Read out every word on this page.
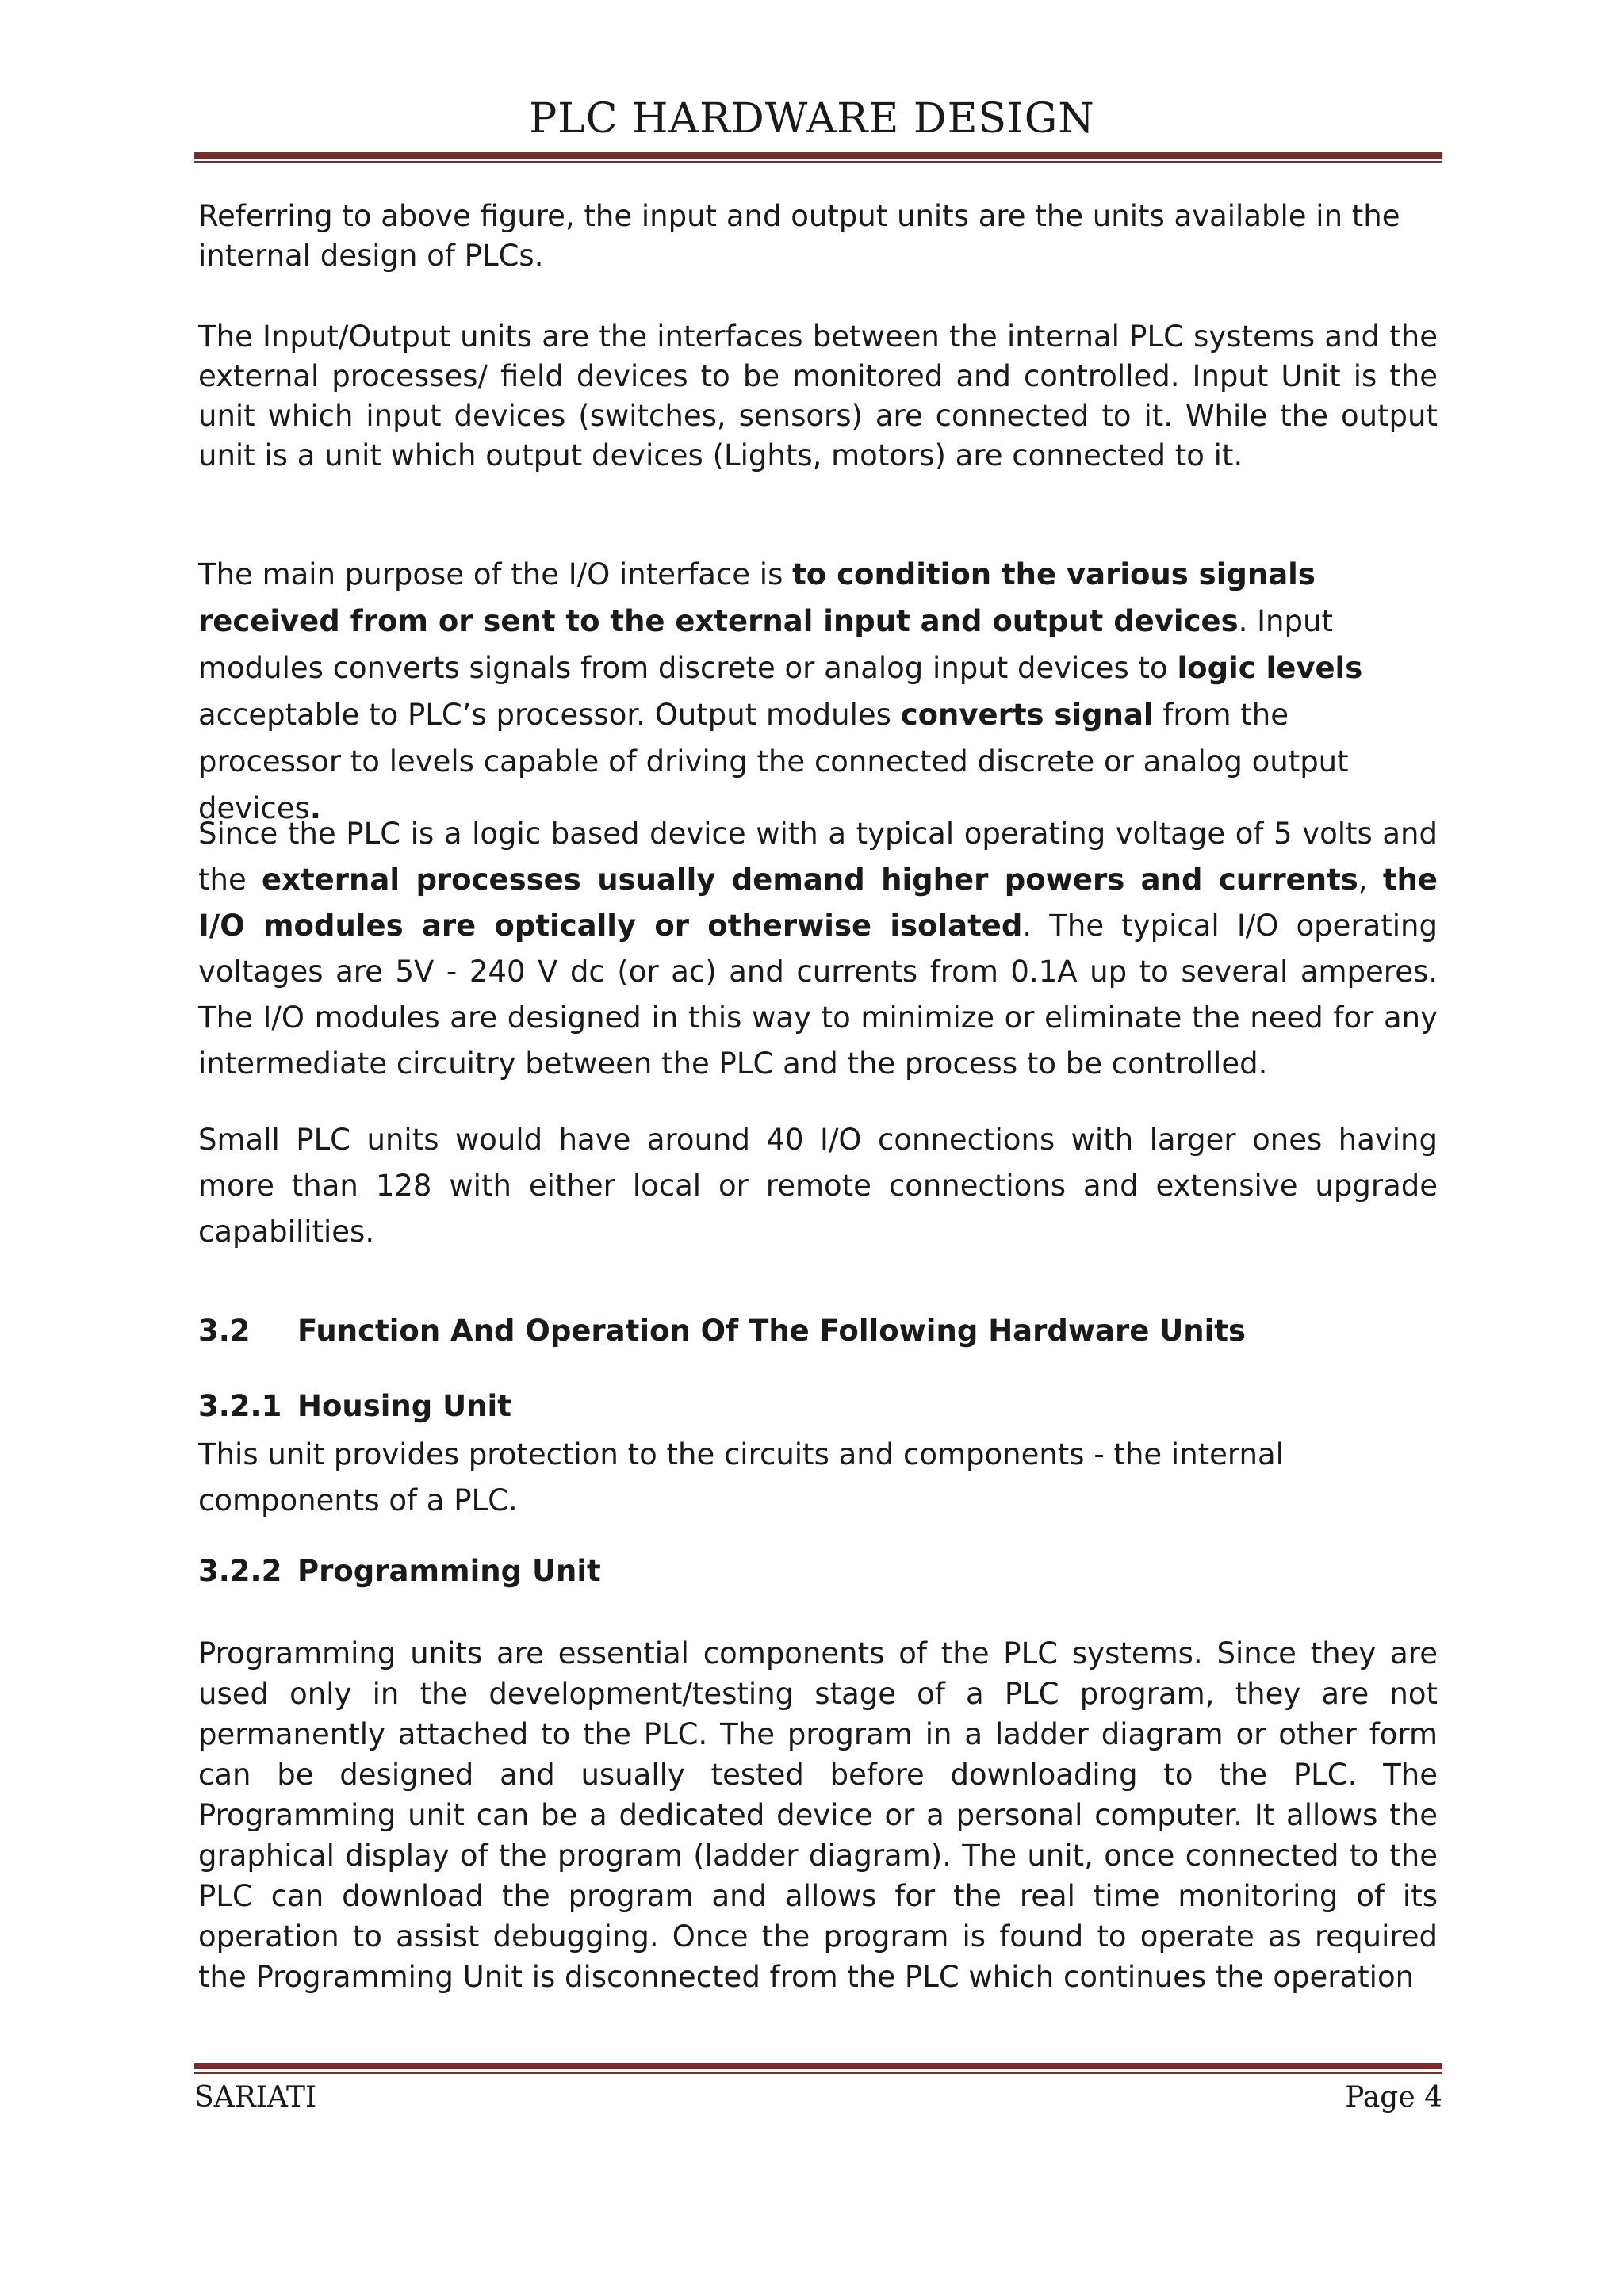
PLC HARDWARE DESIGN

Referring to above figure, the input and output units are the units available in the internal design of PLCs.

The Input/Output units are the interfaces between the internal PLC systems and the external processes/ field devices to be monitored and controlled. Input Unit is the unit which input devices (switches, sensors) are connected to it. While the output unit is a unit which output devices (Lights, motors) are connected to it.

The main purpose of the I/O interface is to condition the various signals received from or sent to the external input and output devices. Input modules converts signals from discrete or analog input devices to logic levels acceptable to PLC’s processor. Output modules converts signal from the processor to levels capable of driving the connected discrete or analog output devices.

Since the PLC is a logic based device with a typical operating voltage of 5 volts and the external processes usually demand higher powers and currents, the I/O modules are optically or otherwise isolated. The typical I/O operating voltages are 5V - 240 V dc (or ac) and currents from 0.1A up to several amperes. The I/O modules are designed in this way to minimize or eliminate the need for any intermediate circuitry between the PLC and the process to be controlled.

Small PLC units would have around 40 I/O connections with larger ones having more than 128 with either local or remote connections and extensive upgrade capabilities.

3.2 Function And Operation Of The Following Hardware Units
3.2.1 Housing Unit

This unit provides protection to the circuits and components - the internal components of a PLC.

3.2.2 Programming Unit

Programming units are essential components of the PLC systems. Since they are used only in the development/testing stage of a PLC program, they are not permanently attached to the PLC. The program in a ladder diagram or other form can be designed and usually tested before downloading to the PLC. The Programming unit can be a dedicated device or a personal computer. It allows the graphical display of the program (ladder diagram). The unit, once connected to the PLC can download the program and allows for the real time monitoring of its operation to assist debugging. Once the program is found to operate as required the Programming Unit is disconnected from the PLC which continues the operation

SARIATI	Page 4
